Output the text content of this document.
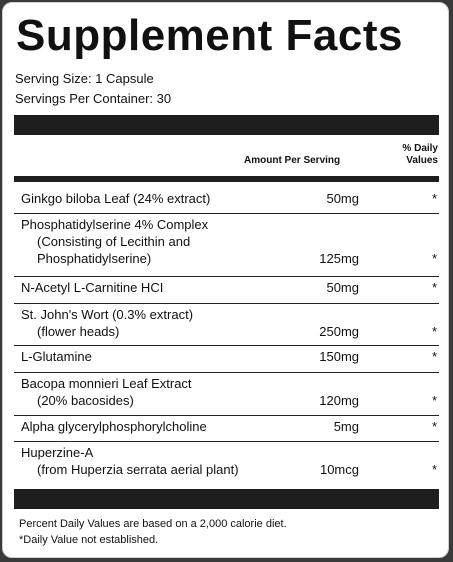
Supplement Facts
Serving Size: 1 Capsule
Servings Per Container: 30
Amount Per Serving
% Daily
Values
Ginkgo biloba Leaf (24% extract)	50mg	*
Phosphatidylserine 4% Complex
(Consisting of Lecithin and
Phosphatidylserine)	125mg	*
N-Acetyl L-Carnitine HCI	50mg	*
St. John's Wort (0.3% extract)
(flower heads)	250mg	*
L-Glutamine	150mg	*
Bacopa monnieri Leaf Extract
(20% bacosides)	120mg	*
Alpha glycerylphosphorylcholine	5mg	*
Huperzine-A
(from Huperzia serrata aerial plant)	10mcg	*
Percent Daily Values are based on a 2,000 calorie diet.
*Daily Value not established.
